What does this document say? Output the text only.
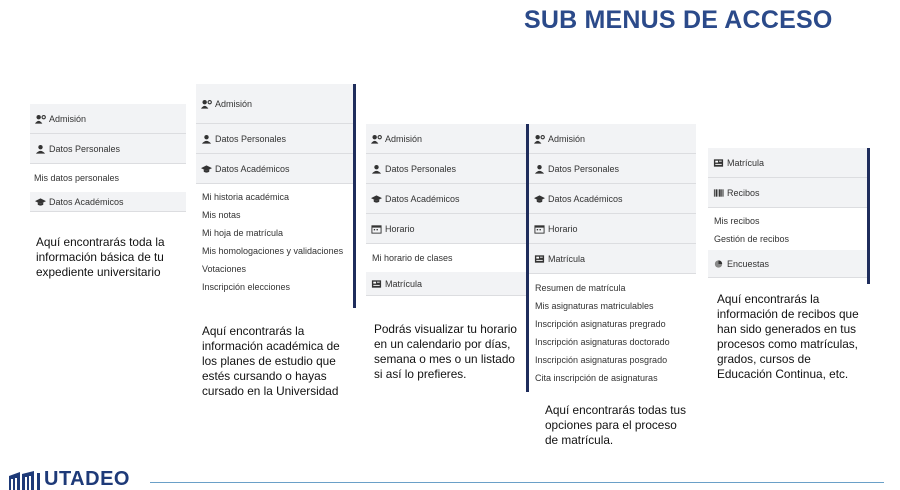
SUB MENUS DE ACCESO
Admisión
Datos Personales
Mis datos personales
Datos Académicos
Aquí encontrarás toda la
información básica de tu
expediente universitario
Admisión
Datos Personales
Datos Académicos
Mi historia académica
Mis notas
Mi hoja de matrícula
Mis homologaciones y validaciones
Votaciones
Inscripción elecciones
Aquí encontrarás la
información académica de
los planes de estudio que
estés cursando o hayas
cursado en la Universidad
Admisión
Datos Personales
Datos Académicos
Horario
Mi horario de clases
Matrícula
Podrás visualizar tu horario
en un calendario por días,
semana o mes o un listado
si así lo prefieres.
Admisión
Datos Personales
Datos Académicos
Horario
Matrícula
Resumen de matrícula
Mis asignaturas matriculables
Inscripción asignaturas pregrado
Inscripción asignaturas doctorado
Inscripción asignaturas posgrado
Cita inscripción de asignaturas
Aquí encontrarás todas tus
opciones para el proceso
de matrícula.
Matrícula
Recibos
Mis recibos
Gestión de recibos
Encuestas
Aquí encontrarás la
información de recibos que
han sido generados en tus
procesos como matrículas,
grados, cursos de
Educación Continua, etc.
UTADEO
